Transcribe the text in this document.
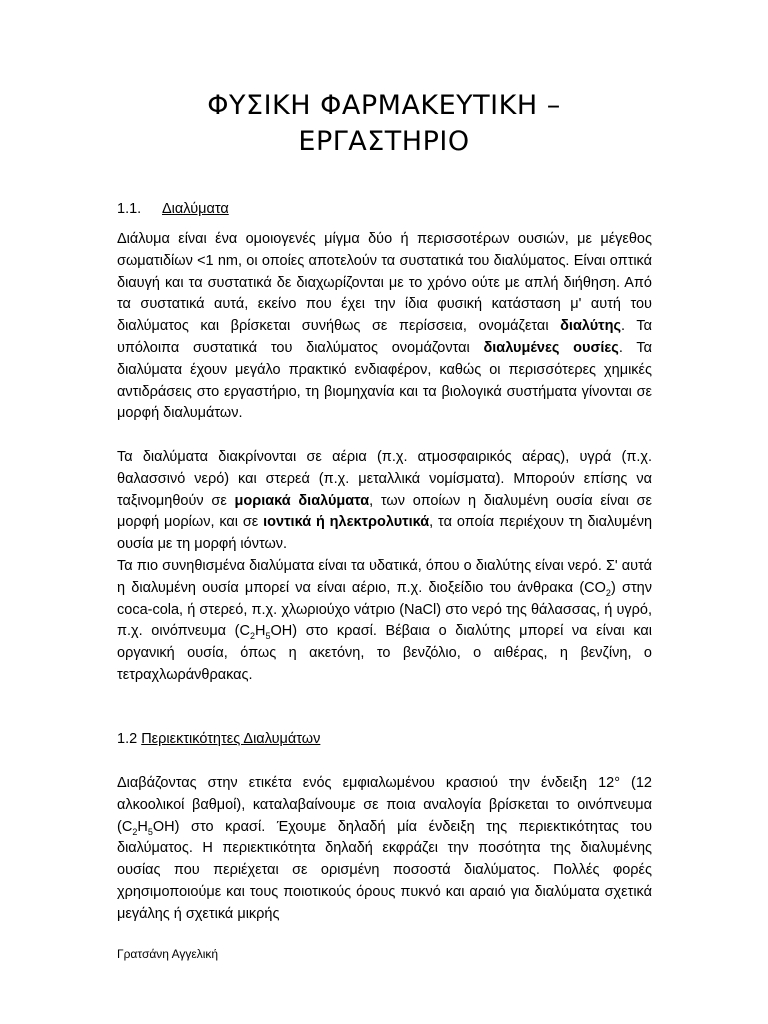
ΦΥΣΙΚΗ ΦΑΡΜΑΚΕΥΤΙΚΗ –
ΕΡΓΑΣΤΗΡΙΟ
1.1. Διαλύματα
Διάλυμα είναι ένα ομοιογενές μίγμα δύο ή περισσοτέρων ουσιών, με μέγεθος σωματιδίων <1 nm, οι οποίες αποτελούν τα συστατικά του διαλύματος. Είναι οπτικά διαυγή και τα συστατικά δε διαχωρίζονται με το χρόνο ούτε με απλή διήθηση. Από τα συστατικά αυτά, εκείνο που έχει την ίδια φυσική κατάσταση μ' αυτή του διαλύματος και βρίσκεται συνήθως σε περίσσεια, ονομάζεται διαλύτης. Τα υπόλοιπα συστατικά του διαλύματος ονομάζονται διαλυμένες ουσίες. Τα διαλύματα έχουν μεγάλο πρακτικό ενδιαφέρον, καθώς οι περισσότερες χημικές αντιδράσεις στο εργαστήριο, τη βιομηχανία και τα βιολογικά συστήματα γίνονται σε μορφή διαλυμάτων.
Τα διαλύματα διακρίνονται σε αέρια (π.χ. ατμοσφαιρικός αέρας), υγρά (π.χ. θαλασσινό νερό) και στερεά (π.χ. μεταλλικά νομίσματα). Μπορούν επίσης να ταξινομηθούν σε μοριακά διαλύματα, των οποίων η διαλυμένη ουσία είναι σε μορφή μορίων, και σε ιοντικά ή ηλεκτρολυτικά, τα οποία περιέχουν τη διαλυμένη ουσία με τη μορφή ιόντων.
Τα πιο συνηθισμένα διαλύματα είναι τα υδατικά, όπου ο διαλύτης είναι νερό. Σ' αυτά η διαλυμένη ουσία μπορεί να είναι αέριο, π.χ. διοξείδιο του άνθρακα $(CO_2)$ στην coca-cola, ή στερεό, π.χ. χλωριούχο νάτριο (NaCl) στο νερό της θάλασσας, ή υγρό, π.χ. οινόπνευμα $(C_2H_5OH)$ στο κρασί. Βέβαια ο διαλύτης μπορεί να είναι και οργανική ουσία, όπως η ακετόνη, το βενζόλιο, ο αιθέρας, η βενζίνη, ο τετραχλωράνθρακας.
1.2 Περιεκτικότητες Διαλυμάτων
Διαβάζοντας στην ετικέτα ενός εμφιαλωμένου κρασιού την ένδειξη 12° (12 αλκοολικοί βαθμοί), καταλαβαίνουμε σε ποια αναλογία βρίσκεται το οινόπνευμα $(C_2H_5OH)$ στο κρασί. Έχουμε δηλαδή μία ένδειξη της περιεκτικότητας του διαλύματος. Η περιεκτικότητα δηλαδή εκφράζει την ποσότητα της διαλυμένης ουσίας που περιέχεται σε ορισμένη ποσοστά διαλύματος. Πολλές φορές χρησιμοποιούμε και τους ποιοτικούς όρους πυκνό και αραιό για διαλύματα σχετικά μεγάλης ή σχετικά μικρής
Γρατσάνη Αγγελική
